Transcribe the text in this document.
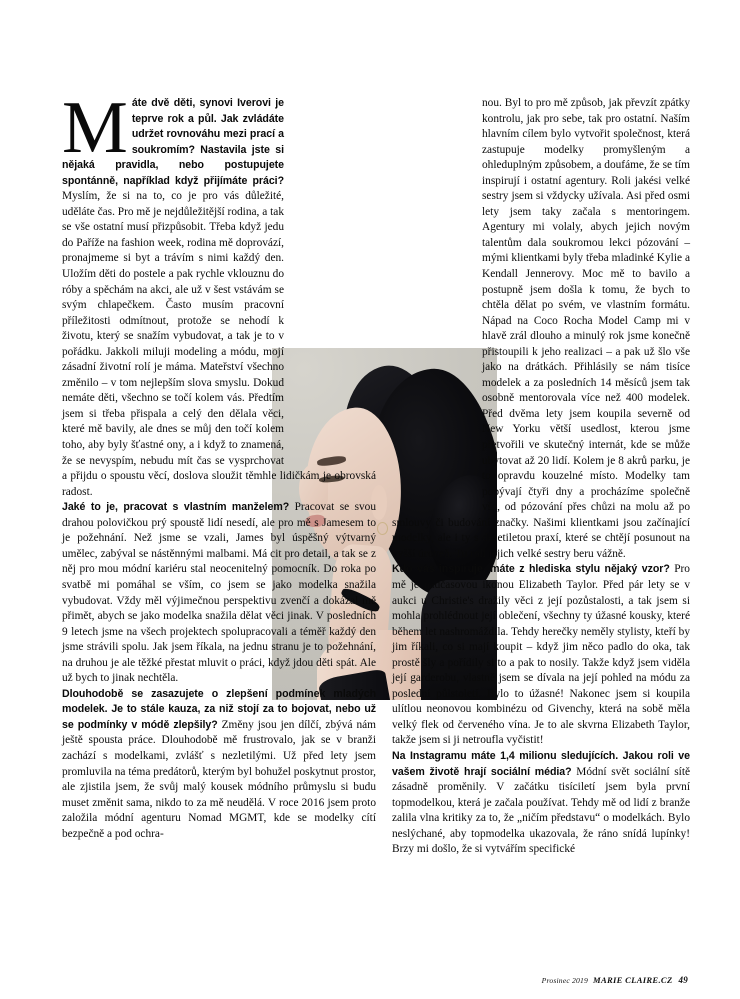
Máte dvě děti, synovi Iverovi je teprve rok a půl. Jak zvládáte udržet rovnováhu mezi prací a soukromím? Nastavila jste si nějaká pravidla, nebo postupujete spontánně, například když přijímáte práci? Myslím, že si na to, co je pro vás důležité, uděláte čas. Pro mě je nejdůležitější rodina, a tak se vše ostatní musí přizpůsobit. Třeba když jedu do Paříže na fashion week, rodina mě doprovází, pronajmeme si byt a trávím s nimi každý den. Uložím děti do postele a pak rychle vklouznu do róby a spěchám na akci, ale už v šest vstávám se svým chlapečkem. Často musím pracovní příležitosti odmítnout, protože se nehodí k životu, který se snažím vybudovat, a tak je to v pořádku. Jakkoli miluji modeling a módu, mojí zásadní životní rolí je máma. Mateřství všechno změnilo – v tom nejlepším slova smyslu. Dokud nemáte děti, všechno se točí kolem vás. Předtím jsem si třeba přispala a celý den dělala věci, které mě bavily, ale dnes se můj den točí kolem toho, aby byly šťastné ony, a i když to znamená, že se nevyspím, nebudu mít čas se vysprchovat a přijdu o spoustu věcí, doslova sloužit těmhle lidičkám je obrovská radost.

Jaké to je, pracovat s vlastním manželem? Pracovat se svou drahou polovičkou prý spoustě lidí nesedí, ale pro mě s Jamesem to je požehnání. Než jsme se vzali, James byl úspěšný výtvarný umělec, zabýval se nástěnnými malbami. Má cit pro detail, a tak se z něj pro mou módní kariéru stal neocenitelný pomocník. Do roka po svatbě mi pomáhal se vším, co jsem se jako modelka snažila vybudovat. Vždy měl výjimečnou perspektivu zvenčí a dokázal mě přimět, abych se jako modelka snažila dělat věci jinak. V posledních 9 letech jsme na všech projektech spolupracovali a téměř každý den jsme strávili spolu. Jak jsem říkala, na jednu stranu je to požehnání, na druhou je ale těžké přestat mluvit o práci, když jdou děti spát. Ale už bych to jinak nechtěla.

Dlouhodobě se zasazujete o zlepšení podmínek mladých modelek. Je to stále kauza, za niž stojí za to bojovat, nebo už se podmínky v módě zlepšily? Změny jsou jen dílčí, zbývá nám ještě spousta práce. Dlouhodobě mě frustrovalo, jak se v branži zachází s modelkami, zvlášť s nezletilými. Už před lety jsem promluvila na téma predátorů, kterým byl bohužel poskytnut prostor, ale zjistila jsem, že svůj malý kousek módního průmyslu si budu muset změnit sama, nikdo to za mě neudělá. V roce 2016 jsem proto založila módní agenturu Nomad MGMT, kde se modelky cítí bezpečně a pod ochra-

nou. Byl to pro mě způsob, jak převzít zpátky kontrolu, jak pro sebe, tak pro ostatní. Naším hlavním cílem bylo vytvořit společnost, která zastupuje modelky promyšleným a ohleduplným způsobem, a doufáme, že se tím inspirují i ostatní agentury. Roli jakési velké sestry jsem si vždycky užívala. Asi před osmi lety jsem taky začala s mentoringem. Agentury mi volaly, abych jejich novým talentům dala soukromou lekci pózování – mými klientkami byly třeba mladinké Kylie a Kendall Jennerovy. Moc mě to bavilo a postupně jsem došla k tomu, že bych to chtěla dělat po svém, ve vlastním formátu. Nápad na Coco Rocha Model Camp mi v hlavě zrál dlouho a minulý rok jsme konečně přistoupili k jeho realizaci – a pak už šlo vše jako na drátkách. Přihlásily se nám tisíce modelek a za posledních 14 měsíců jsem tak osobně mentorovala více než 400 modelek. Před dvěma lety jsem koupila severně od New Yorku větší usedlost, kterou jsme přetvořili ve skutečný internát, kde se může ubytovat až 20 lidí. Kolem je 8 akrů parku, je to opravdu kouzelné místo. Modelky tam pobývají čtyři dny a procházíme společně vše, od pózování přes chůzi na molu až po smlouvy či budování značky. Našimi klientkami jsou začínající modelky, ale i ty s desetiletou praxí, které se chtějí posunout na vyšší úroveň. Tu roli jejich velké sestry beru vážně.

Kdo vás inspiruje, máte z hlediska stylu nějaký vzor? Pro mě je nadčasovou ikonou Elizabeth Taylor. Před pár lety se v aukci u Christie's dražily věci z její pozůstalosti, a tak jsem si mohla prohlédnout její oblečení, všechny ty úžasné kousky, které během let nashromáždila. Tehdy herečky neměly stylisty, kteří by jim říkali, co si mají koupit – když jim něco padlo do oka, tak prostě šly a pořídily si to a pak to nosily. Takže když jsem viděla její garderobu, vlastně jsem se dívala na její pohled na módu za poslední půlstoletí. Bylo to úžasné! Nakonec jsem si koupila ulítlou neonovou kombinézu od Givenchy, která na sobě měla velký flek od červeného vína. Je to ale skvrna Elizabeth Taylor, takže jsem si ji netroufla vyčistit!

Na Instagramu máte 1,4 milionu sledujících. Jakou roli ve vašem životě hrají sociální média? Módní svět sociální sítě zásadně proměnily. V začátku tisíciletí jsem byla první topmodelkou, která je začala používat. Tehdy mě od lidí z branže zalila vlna kritiky za to, že „ničím představu“ o modelkách. Bylo neslýchané, aby topmodelka ukazovala, že ráno snídá lupínky! Brzy mi došlo, že si vytvářím specifické

Prosinec 2019 MARIE CLAIRE.CZ 49
